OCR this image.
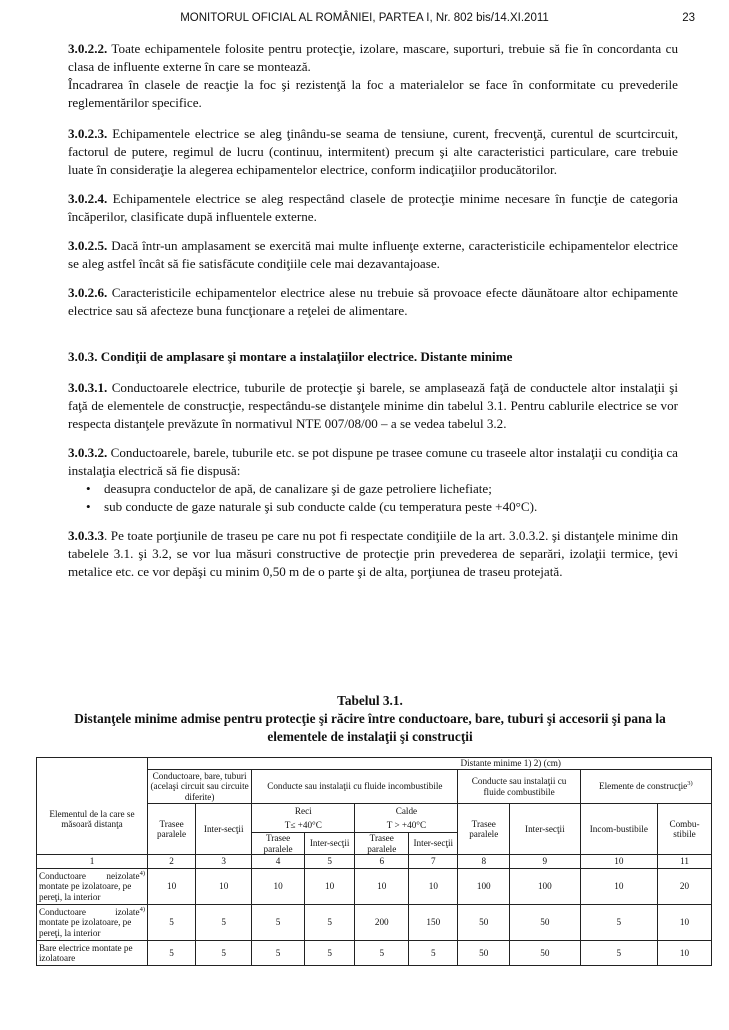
MONITORUL OFICIAL AL ROMÂNIEI, PARTEA I, Nr. 802 bis/14.XI.2011	23

3.0.2.2. Toate echipamentele folosite pentru protecţie, izolare, mascare, suporturi, trebuie să fie în concordanta cu clasa de influente externe în care se montează.

Încadrarea în clasele de reacţie la foc şi rezistenţă la foc a materialelor se face în conformitate cu prevederile reglementărilor specifice.

3.0.2.3. Echipamentele electrice se aleg ţinându-se seama de tensiune, curent, frecvenţă, curentul de scurtcircuit, factorul de putere, regimul de lucru (continuu, intermitent) precum şi alte caracteristici particulare, care trebuie luate în consideraţie la alegerea echipamentelor electrice, conform indicaţiilor producătorilor.

3.0.2.4. Echipamentele electrice se aleg respectând clasele de protecţie minime necesare în funcţie de categoria încăperilor, clasificate după influentele externe.

3.0.2.5. Dacă într-un amplasament se exercită mai multe influenţe externe, caracteristicile echipamentelor electrice se aleg astfel încât să fie satisfăcute condiţiile cele mai dezavantajoase.

3.0.2.6. Caracteristicile echipamentelor electrice alese nu trebuie să provoace efecte dăunătoare altor echipamente electrice sau să afecteze buna funcţionare a reţelei de alimentare.

3.0.3. Condiţii de amplasare şi montare a instalaţiilor electrice. Distante minime

3.0.3.1. Conductoarele electrice, tuburile de protecţie şi barele, se amplasează faţă de conductele altor instalaţii şi faţă de elementele de construcţie, respectându-se distanţele minime din tabelul 3.1. Pentru cablurile electrice se vor respecta distanţele prevăzute în normativul NTE 007/08/00 – a se vedea tabelul 3.2.

3.0.3.2. Conductoarele, barele, tuburile etc. se pot dispune pe trasee comune cu traseele altor instalaţii cu condiţia ca instalaţia electrică să fie dispusă:

• deasupra conductelor de apă, de canalizare şi de gaze petroliere lichefiate;
• sub conducte de gaze naturale şi sub conducte calde (cu temperatura peste +40°C).

3.0.3.3. Pe toate porţiunile de traseu pe care nu pot fi respectate condiţiile de la art. 3.0.3.2. şi distanţele minime din tabelele 3.1. şi 3.2, se vor lua măsuri constructive de protecţie prin prevederea de separări, izolaţii termice, ţevi metalice etc. ce vor depăşi cu minim 0,50 m de o parte şi de alta, porţiunea de traseu protejată.

Tabelul 3.1.
Distanţele minime admise pentru protecţie şi răcire între conductoare, bare, tuburi şi accesorii şi pana la elementele de instalaţii şi construcţii
Elementul de la care se măsoară distanţa	Distante minime 1) 2) (cm)									
	Conductoare, bare, tuburi (acelaşi circuit sau circuite diferite)		Conducte sau instalaţii cu fluide incombustibile				Conducte sau instalaţii cu fluide combustibile		Elemente de construcţie$^{3)}$
	Trasee paralele	Inter-secţii	Reci		Calde		Trasee paralele	Inter-secţii	Incom-bustibile	Combu-stibile
			T≤ +40°C		T > +40°C					
			Trasee paralele	Inter-secţii	Trasee paralele	Inter-secţii				
1	2	3	4	5	6	7	8	9	10	11

Conductoare neizolate$^{4)}$
montate pe izolatoare, pe pereţi, la interior	10	10	10	10	10	10	100	100	10	20

Conductoare izolate$^{4)}$
montate pe izolatoare, pe pereţi, la interior	5	5	5	5	200	150	50	50	5	10
Bare electrice montate pe izolatoare	5	5	5	5	5	5	50	50	5	10
